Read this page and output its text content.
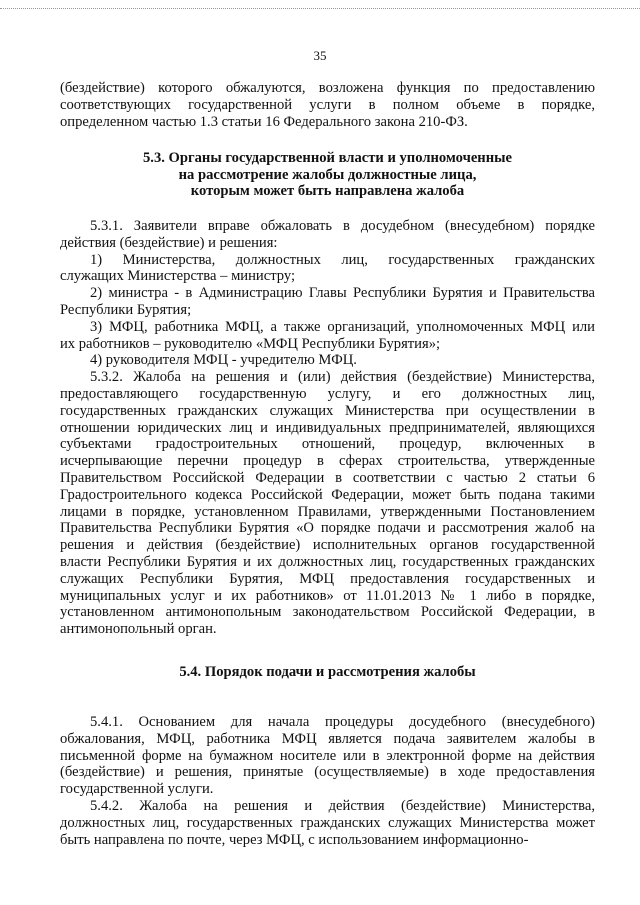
35
(бездействие) которого обжалуются, возложена функция по предоставлению
соответствующих государственной услуги в полном объеме в порядке,
определенном частью 1.3 статьи 16 Федерального закона 210-ФЗ.
5.3. Органы государственной власти и уполномоченные
на рассмотрение жалобы должностные лица,
которым может быть направлена жалоба
5.3.1. Заявители вправе обжаловать в досудебном (внесудебном) порядке
действия (бездействие) и решения:
1) Министерства, должностных лиц, государственных гражданских
служащих Министерства – министру;
2) министра - в Администрацию Главы Республики Бурятия и Правительства
Республики Бурятия;
3) МФЦ, работника МФЦ, а также организаций, уполномоченных МФЦ или
их работников – руководителю «МФЦ Республики Бурятия»;
4) руководителя МФЦ - учредителю МФЦ.
5.3.2. Жалоба на решения и (или) действия (бездействие) Министерства,
предоставляющего государственную услугу, и его должностных лиц,
государственных гражданских служащих Министерства при осуществлении в
отношении юридических лиц и индивидуальных предпринимателей, являющихся
субъектами градостроительных отношений, процедур, включенных в
исчерпывающие перечни процедур в сферах строительства, утвержденные
Правительством Российской Федерации в соответствии с частью 2 статьи 6
Градостроительного кодекса Российской Федерации, может быть подана такими
лицами в порядке, установленном Правилами, утвержденными Постановлением
Правительства Республики Бурятия «О порядке подачи и рассмотрения жалоб на
решения и действия (бездействие) исполнительных органов государственной
власти Республики Бурятия и их должностных лиц, государственных гражданских
служащих Республики Бурятия, МФЦ предоставления государственных и
муниципальных услуг и их работников» от 11.01.2013 № 1 либо в порядке,
установленном антимонопольным законодательством Российской Федерации, в
антимонопольный орган.
5.4. Порядок подачи и рассмотрения жалобы
5.4.1. Основанием для начала процедуры досудебного (внесудебного)
обжалования, МФЦ, работника МФЦ является подача заявителем жалобы в
письменной форме на бумажном носителе или в электронной форме на действия
(бездействие) и решения, принятые (осуществляемые) в ходе предоставления
государственной услуги.
5.4.2. Жалоба на решения и действия (бездействие) Министерства,
должностных лиц, государственных гражданских служащих Министерства может
быть направлена по почте, через МФЦ, с использованием информационно-
